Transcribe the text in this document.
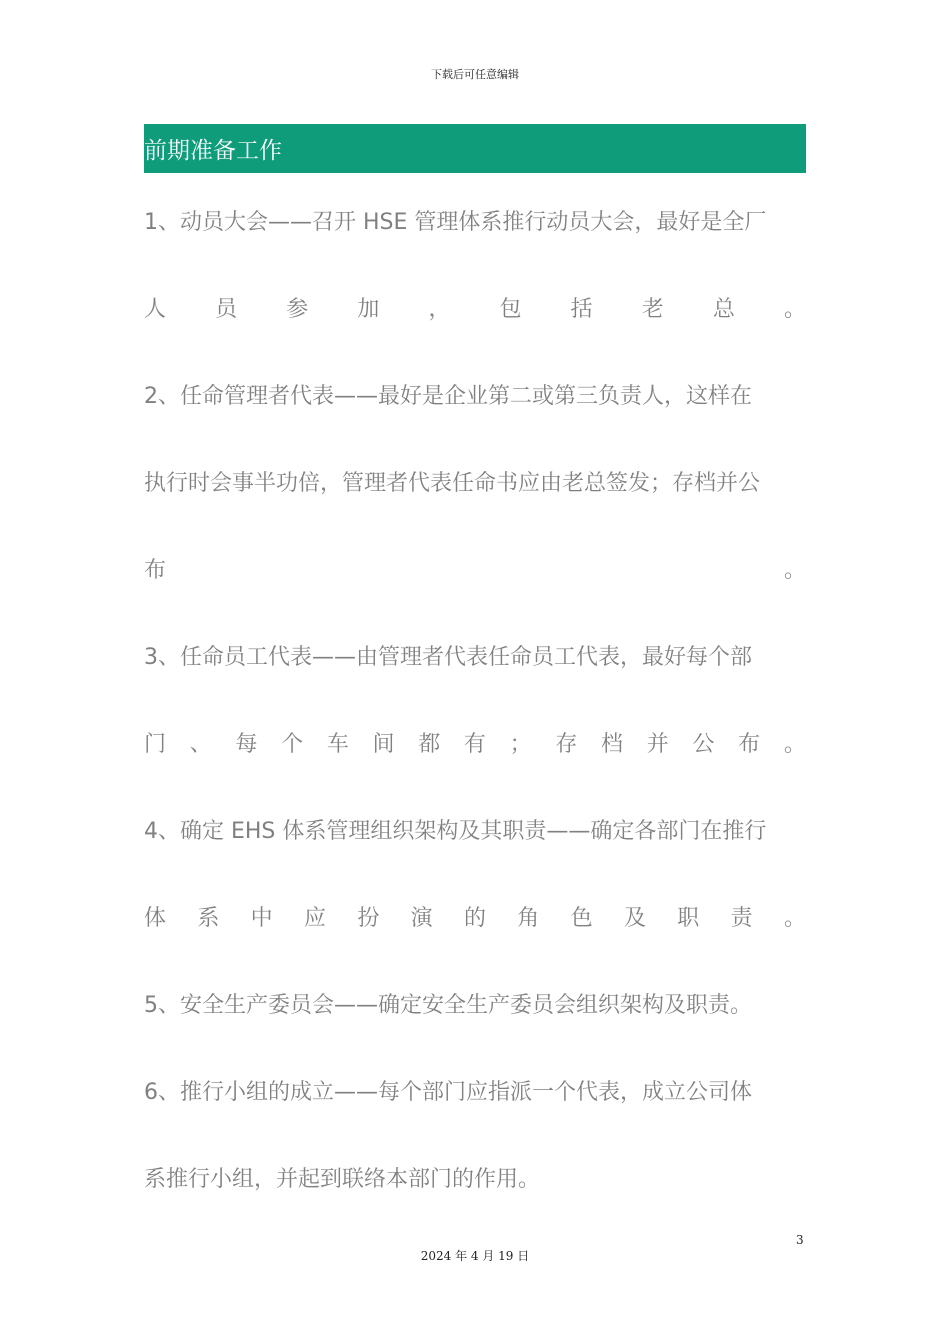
下载后可任意编辑
前期准备工作
1、动员大会——召开 HSE 管理体系推行动员大会，最好是全厂
人 员 参 加 ， 包 括 老 总 。
2、任命管理者代表——最好是企业第二或第三负责人，这样在
执行时会事半功倍，管理者代表任命书应由老总签发；存档并公
布	。
3、任命员工代表——由管理者代表任命员工代表，最好每个部
门 、 每 个 车 间 都 有 ； 存 档 并 公 布 。
4、确定 EHS 体系管理组织架构及其职责——确定各部门在推行
体 系 中 应 扮 演 的 角 色 及 职 责 。
5、安全生产委员会——确定安全生产委员会组织架构及职责。
6、推行小组的成立——每个部门应指派一个代表，成立公司体
系推行小组，并起到联络本部门的作用。
3
2024 年 4 月 19 日
